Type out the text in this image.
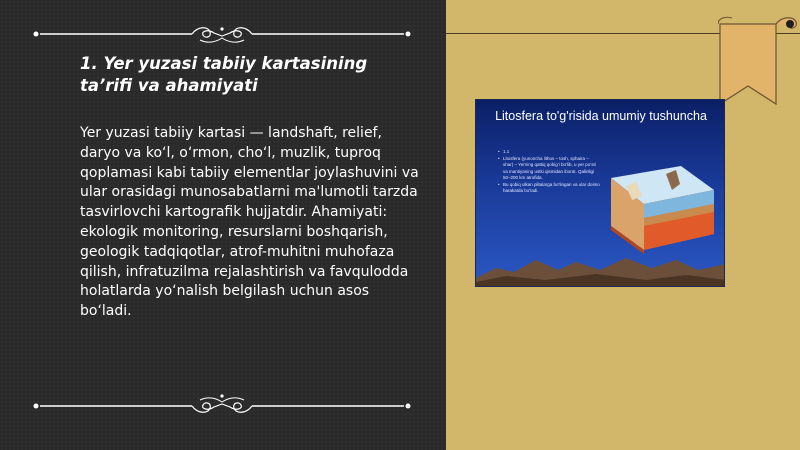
1. Yer yuzasi tabiiy kartasining ta’rifi va ahamiyati
Yer yuzasi tabiiy kartasi — landshaft, relief, daryo va ko‘l, o‘rmon, cho‘l, muzlik, tuproq qoplamasi kabi tabiiy elementlar joylashuvini va ular orasidagi munosabatlarni ma'lumotli tarzda tasvirlovchi kartografik hujjatdir. Ahamiyati: ekologik monitoring, resurslarni boshqarish, geologik tadqiqotlar, atrof-muhitni muhofaza qilish, infratuzilma rejalashtirish va favqulodda holatlarda yo‘nalish belgilash uchun asos bo‘ladi.
Litosfera to'g'risida umumiy tushuncha
• 1.1
• Litosfera (yunoncha lithos – tosh, sphaira – shar) – Yerning qattiq qobig‘i bo‘lib, u yer po‘sti va mantiyaning ustki qismidan iborat. Qalinligi 50–200 km atrofida.
• Bu qobiq ulkan plitalarga bo‘lingan va ular doimo harakatda bo‘ladi.
